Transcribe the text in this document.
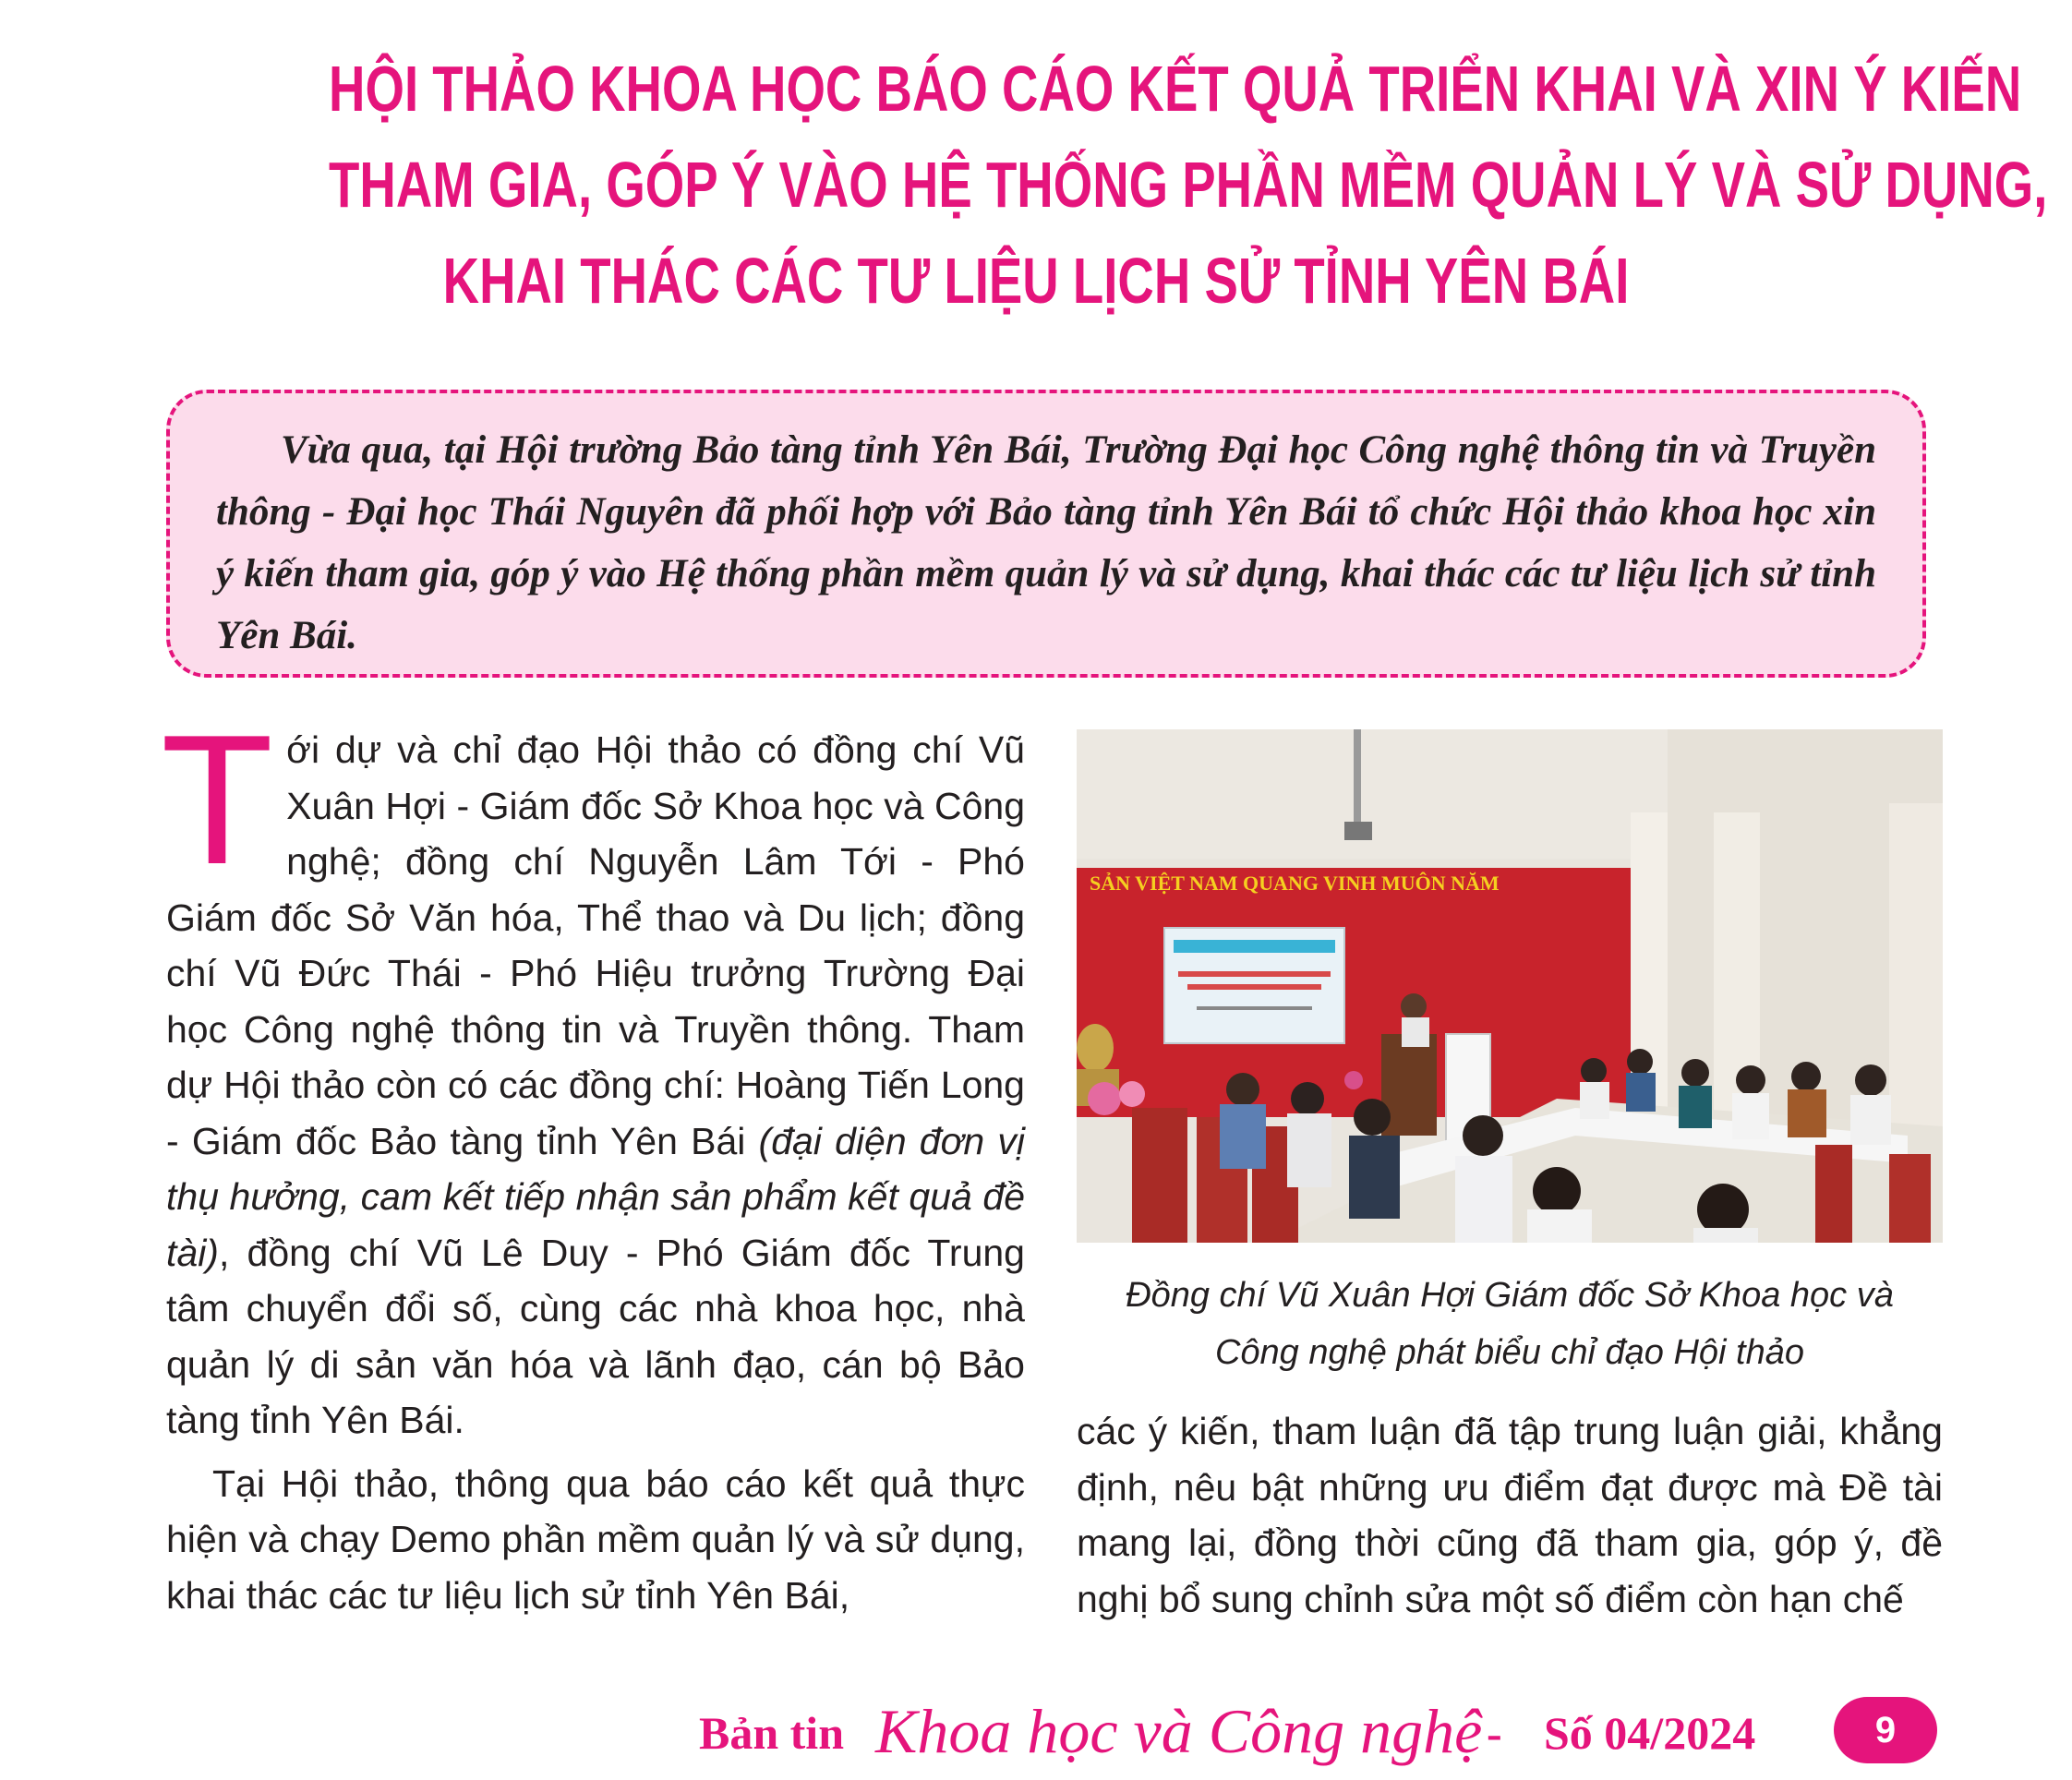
HỘI THẢO KHOA HỌC BÁO CÁO KẾT QUẢ TRIỂN KHAI VÀ XIN Ý KIẾN
THAM GIA, GÓP Ý VÀO HỆ THỐNG PHẦN MỀM QUẢN LÝ VÀ SỬ DỤNG,
KHAI THÁC CÁC TƯ LIỆU LỊCH SỬ TỈNH YÊN BÁI

Vừa qua, tại Hội trường Bảo tàng tỉnh Yên Bái, Trường Đại học Công nghệ thông tin và Truyền thông - Đại học Thái Nguyên đã phối hợp với Bảo tàng tỉnh Yên Bái tổ chức Hội thảo khoa học xin ý kiến tham gia, góp ý vào Hệ thống phần mềm quản lý và sử dụng, khai thác các tư liệu lịch sử tỉnh Yên Bái.

Tới dự và chỉ đạo Hội thảo có đồng chí Vũ Xuân Hợi - Giám đốc Sở Khoa học và Công nghệ; đồng chí Nguyễn Lâm Tới - Phó Giám đốc Sở Văn hóa, Thể thao và Du lịch; đồng chí Vũ Đức Thái - Phó Hiệu trưởng Trường Đại học Công nghệ thông tin và Truyền thông. Tham dự Hội thảo còn có các đồng chí: Hoàng Tiến Long - Giám đốc Bảo tàng tỉnh Yên Bái (đại diện đơn vị thụ hưởng, cam kết tiếp nhận sản phẩm kết quả đề tài), đồng chí Vũ Lê Duy - Phó Giám đốc Trung tâm chuyển đổi số, cùng các nhà khoa học, nhà quản lý di sản văn hóa và lãnh đạo, cán bộ Bảo tàng tỉnh Yên Bái.

Tại Hội thảo, thông qua báo cáo kết quả thực hiện và chạy Demo phần mềm quản lý và sử dụng, khai thác các tư liệu lịch sử tỉnh Yên Bái,

SẢN VIỆT NAM QUANG VINH MUÔN NĂM
Đồng chí Vũ Xuân Hợi Giám đốc Sở Khoa học và
Công nghệ phát biểu chỉ đạo Hội thảo

các ý kiến, tham luận đã tập trung luận giải, khẳng định, nêu bật những ưu điểm đạt được mà Đề tài mang lại, đồng thời cũng đã tham gia, góp ý, đề nghị bổ sung chỉnh sửa một số điểm còn hạn chế

Bản tin Khoa học và Công nghệ - Số 04/2024	9
